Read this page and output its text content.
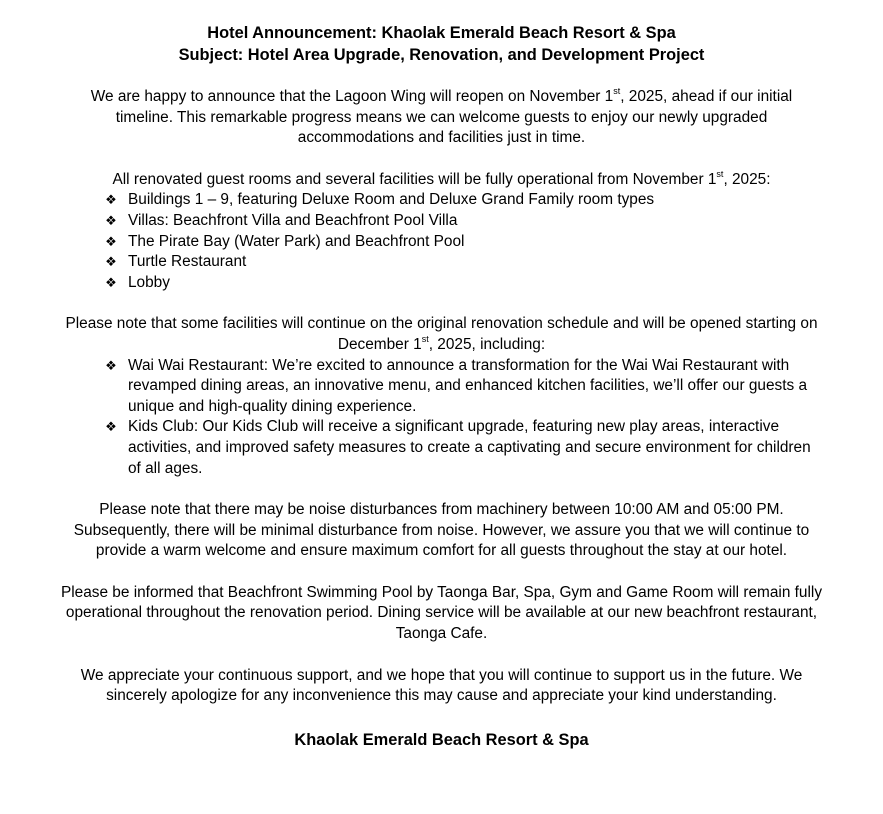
Hotel Announcement: Khaolak Emerald Beach Resort & Spa

Subject: Hotel Area Upgrade, Renovation, and Development Project

We are happy to announce that the Lagoon Wing will reopen on November 1st, 2025, ahead if our initial timeline. This remarkable progress means we can welcome guests to enjoy our newly upgraded accommodations and facilities just in time.

All renovated guest rooms and several facilities will be fully operational from November 1st, 2025:

❖ Buildings 1 – 9, featuring Deluxe Room and Deluxe Grand Family room types
❖ Villas: Beachfront Villa and Beachfront Pool Villa
❖ The Pirate Bay (Water Park) and Beachfront Pool
❖ Turtle Restaurant
❖ Lobby

Please note that some facilities will continue on the original renovation schedule and will be opened starting on December 1st, 2025, including:

❖ Wai Wai Restaurant: We’re excited to announce a transformation for the Wai Wai Restaurant with revamped dining areas, an innovative menu, and enhanced kitchen facilities, we’ll offer our guests a unique and high-quality dining experience.
❖ Kids Club: Our Kids Club will receive a significant upgrade, featuring new play areas, interactive activities, and improved safety measures to create a captivating and secure environment for children of all ages.

Please note that there may be noise disturbances from machinery between 10:00 AM and 05:00 PM. Subsequently, there will be minimal disturbance from noise. However, we assure you that we will continue to provide a warm welcome and ensure maximum comfort for all guests throughout the stay at our hotel.

Please be informed that Beachfront Swimming Pool by Taonga Bar, Spa, Gym and Game Room will remain fully operational throughout the renovation period. Dining service will be available at our new beachfront restaurant, Taonga Cafe.

We appreciate your continuous support, and we hope that you will continue to support us in the future. We sincerely apologize for any inconvenience this may cause and appreciate your kind understanding.

Khaolak Emerald Beach Resort & Spa
